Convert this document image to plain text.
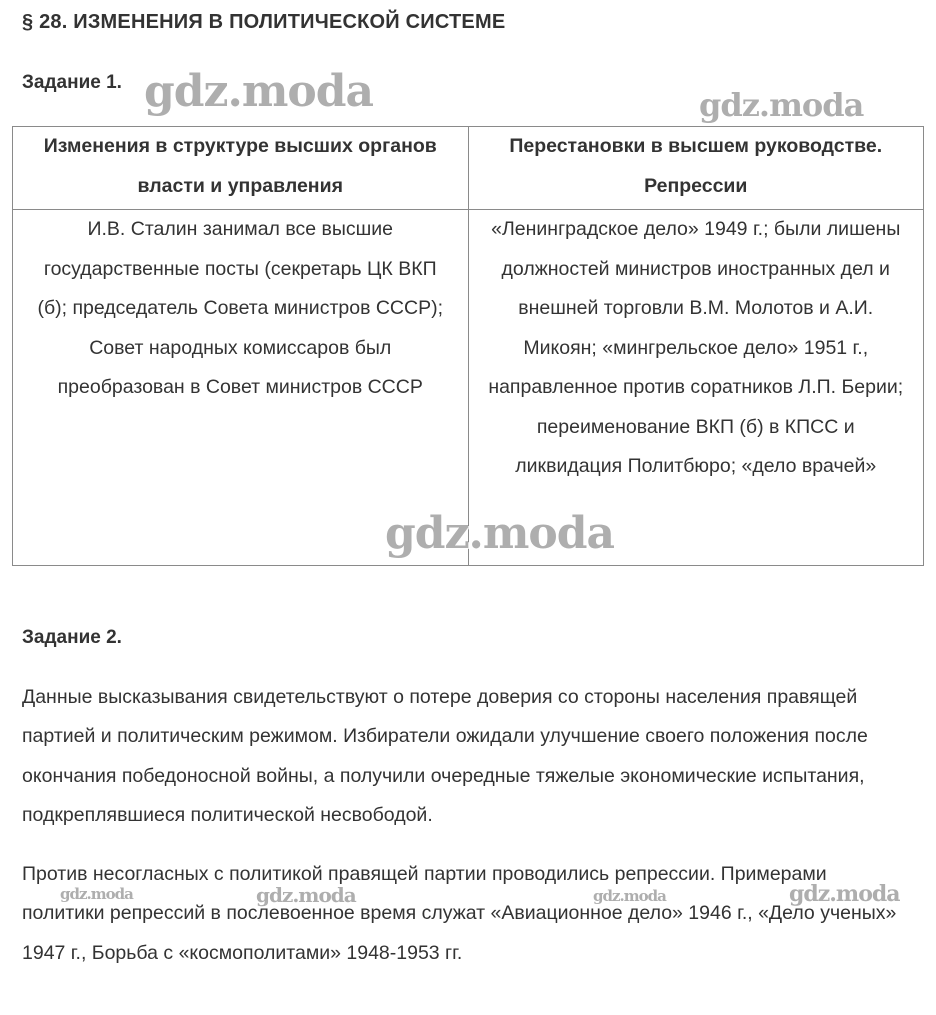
§ 28. ИЗМЕНЕНИЯ В ПОЛИТИЧЕСКОЙ СИСТЕМЕ
Задание 1.
Изменения в структуре высших органов власти и управления	Перестановки в высшем руководстве. Репрессии
И.В. Сталин занимал все высшие государственные посты (секретарь ЦК ВКП (б); председатель Совета министров СССР); Совет народных комиссаров был преобразован в Совет министров СССР	«Ленинградское дело» 1949 г.; были лишены должностей министров иностранных дел и внешней торговли В.М. Молотов и А.И. Микоян; «мингрельское дело» 1951 г., направленное против соратников Л.П. Берии; переименование ВКП (б) в КПСС и ликвидация Политбюро; «дело врачей»
Задание 2.
Данные высказывания свидетельствуют о потере доверия со стороны населения правящей партией и политическим режимом. Избиратели ожидали улучшение своего положения после окончания победоносной войны, а получили очередные тяжелые экономические испытания, подкреплявшиеся политической несвободой.
Против несогласных с политикой правящей партии проводились репрессии. Примерами политики репрессий в послевоенное время служат «Авиационное дело» 1946 г., «Дело ученых» 1947 г., Борьба с «космополитами» 1948-1953 гг.
gdz.moda	gdz.moda
gdz.moda
gdz.moda	gdz.moda	gdz.moda	gdz.moda
